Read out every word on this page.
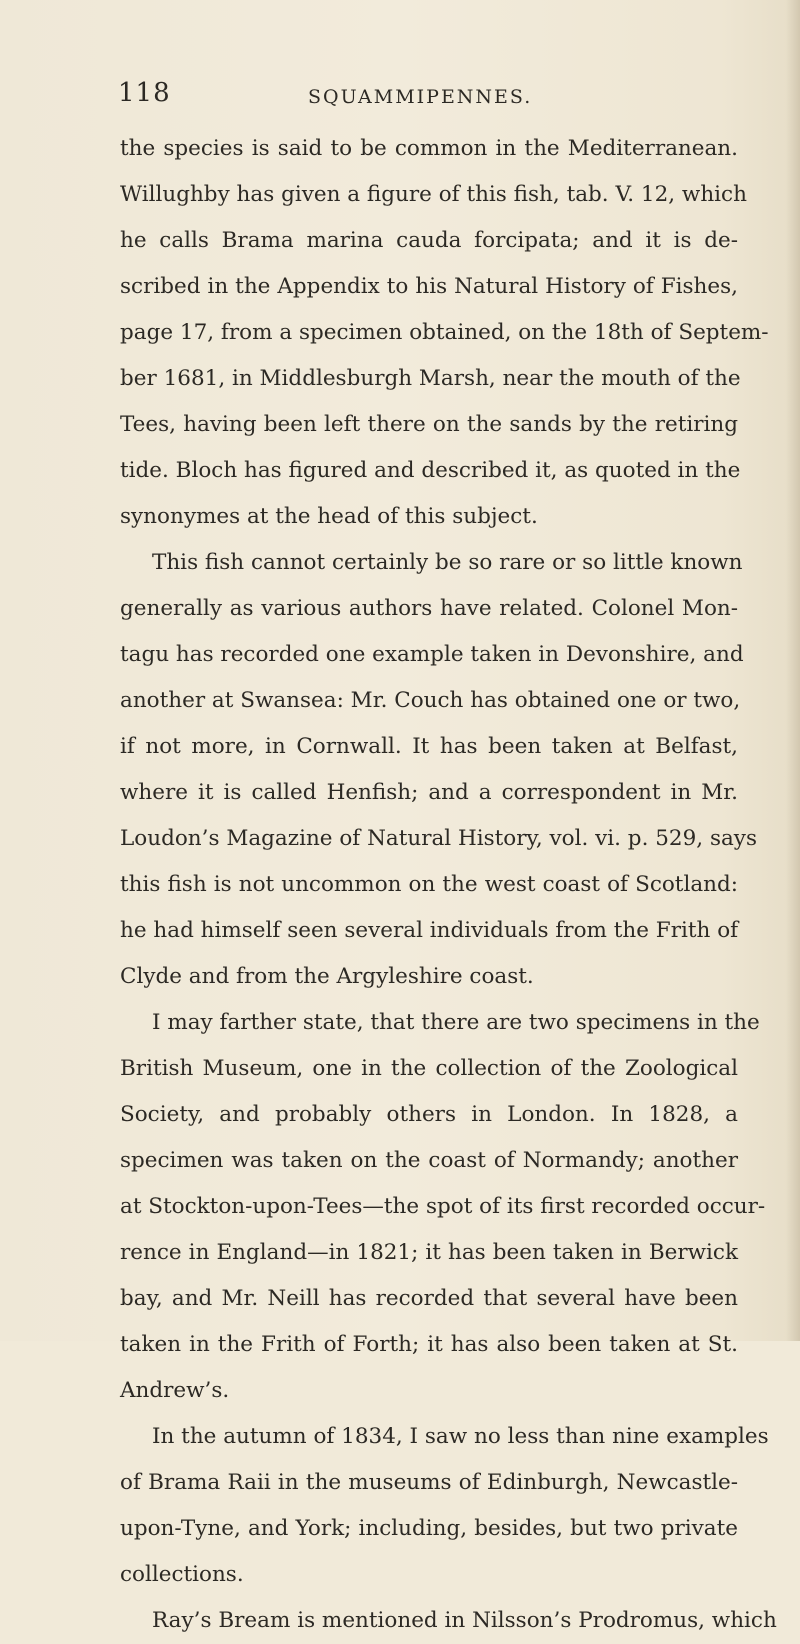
118	SQUAMMIPENNES.
the species is said to be common in the Mediterranean.
Willughby has given a figure of this fish, tab. V. 12, which
he calls Brama marina cauda forcipata; and it is de-
scribed in the Appendix to his Natural History of Fishes,
page 17, from a specimen obtained, on the 18th of Septem-
ber 1681, in Middlesburgh Marsh, near the mouth of the
Tees, having been left there on the sands by the retiring
tide. Bloch has figured and described it, as quoted in the
synonymes at the head of this subject.
This fish cannot certainly be so rare or so little known
generally as various authors have related. Colonel Mon-
tagu has recorded one example taken in Devonshire, and
another at Swansea: Mr. Couch has obtained one or two,
if not more, in Cornwall. It has been taken at Belfast,
where it is called Henfish; and a correspondent in Mr.
Loudon’s Magazine of Natural History, vol. vi. p. 529, says
this fish is not uncommon on the west coast of Scotland:
he had himself seen several individuals from the Frith of
Clyde and from the Argyleshire coast.
I may farther state, that there are two specimens in the
British Museum, one in the collection of the Zoological
Society, and probably others in London. In 1828, a
specimen was taken on the coast of Normandy; another
at Stockton-upon-Tees—the spot of its first recorded occur-
rence in England—in 1821; it has been taken in Berwick
bay, and Mr. Neill has recorded that several have been
taken in the Frith of Forth; it has also been taken at St.
Andrew’s.
In the autumn of 1834, I saw no less than nine examples
of Brama Raii in the museums of Edinburgh, Newcastle-
upon-Tyne, and York; including, besides, but two private
collections.
Ray’s Bream is mentioned in Nilsson’s Prodromus, which
